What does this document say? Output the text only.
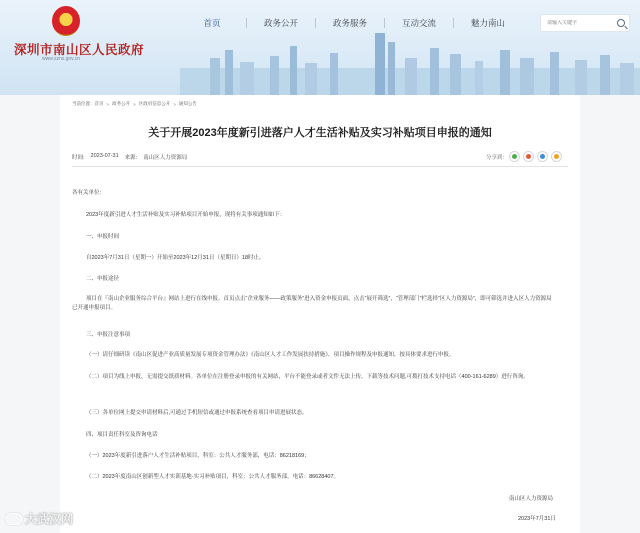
深圳市南山区人民政府
www.szns.gov.cn
首页	政务公开	政务服务	互动交流	魅力南山
请输入关键字
当前位置： 首页 > 政务公开 > 区政府信息公开 > 通知公告
关于开展2023年度新引进落户人才生活补贴及实习补贴项目申报的通知
时间: 2023-07-31 来源: 南山区人力资源局	分享到:
各有关单位:
2023年度新引进人才生活补贴及实习补贴项目开始申报，现将有关事项通知如下：
一、申报时间
自2023年7月31日（星期一）开始至2023年12月31日（星期日）18时止。
二、申报途径
项目在『南山企业服务综合平台』网站上进行在线申报。首页点击“企业服务——政策服务”进入资金申报页面，点击“展开筛选”，“管理部门”栏选择“区人力资源局”，即可筛选并进入区人力资源局已开通申报项目。
三、申报注意事项
（一）请仔细研读《南山区促进产业高质量发展专项资金管理办法》《南山区人才工作发展扶持措施》，项目操作规程及申报通知，按具体要求进行申报。
（二）项目为线上申报，无需提交纸质材料。各单位在注册登录申报的有关网站，平台不能登录或者文件无法上传，下载等技术问题,可拨打技术支持电话（400-161-6289）进行咨询。
（三）各单位网上提交申请材料后,可通过手机短信或通过申报系统查看项目申请进展状态。
四、项目责任科室及咨询电话
（一）2023年度新引进落户人才生活补贴项目，科室：公共人才服务部，电话：86218169；
（二）2023年度南山区创新型人才实训基地-实习补贴项目，科室：公共人才服务部，电话：86628407。
南山区人力资源局
2023年7月31日
大武汉网
